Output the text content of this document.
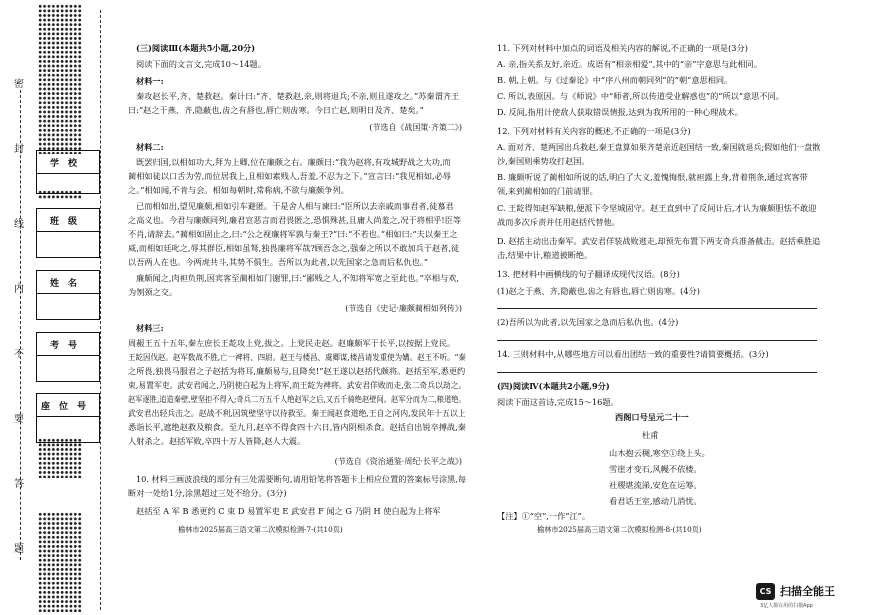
密
封
线
内
不
要
答
题
学校
班级
姓名
考号
座位号
(三)阅读Ⅲ(本题共5小题,20分)
阅读下面的文言文,完成10～14题。
材料一:
秦攻赵长平,齐、楚救赵。秦计曰:“齐、楚救赵,亲,则将退兵;不亲,则且遂攻之。”苏秦谓齐王
曰:“赵之于燕、齐,隐蔽也,齿之有唇也,唇亡则齿寒。今日亡赵,则明日及齐、楚矣。”
(节选自《战国策·齐策二》)
材料二:
既罢归国,以相如功大,拜为上卿,位在廉颇之右。廉颇曰:“我为赵将,有攻城野战之大功,而
蔺相如徒以口舌为劳,而位居我上,且相如素贱人,吾羞,不忍为之下。”宣言曰:“我见相如,必辱
之。”相如闻,不肯与会。相如每朝时,常称病,不欲与廉颇争列。
已而相如出,望见廉颇,相如引车避匿。于是舍人相与谏曰:“臣所以去亲戚而事君者,徒慕君
之高义也。今君与廉颇同列,廉君宣恶言而君畏匿之,恐惧殊甚,且庸人尚羞之,况于将相乎!臣等
不肖,请辞去。”蔺相如固止之,曰:“公之视廉将军孰与秦王?”曰:“不若也。”相如曰:“夫以秦王之
威,而相如廷叱之,辱其群臣,相如虽驽,独畏廉将军哉?顾吾念之,强秦之所以不敢加兵于赵者,徒
以吾两人在也。今两虎共斗,其势不俱生。吾所以为此者,以先国家之急而后私仇也。”
廉颇闻之,肉袒负荆,因宾客至蔺相如门谢罪,曰:“鄙贱之人,不知将军宽之至此也。”卒相与欢,
为刎颈之交。
(节选自《史记·廉颇蔺相如列传》)
材料三:
周赧王五十五年,秦左庶长王龁攻上党,拔之。上党民走赵。赵廉颇军于长平,以按据上党民。
王龁因伐赵。赵军数战不胜,亡一裨将、四尉。赵王与楼昌、虞卿谋,楼昌请发重使为媾。赵王不听。“秦
之所畏,独畏马服君之子赵括为将耳,廉颇易与,且降矣!”赵王遂以赵括代颇将。赵括至军,悉更约
束,易置军吏。武安君闻之,乃阴使白起为上将军,而王龁为裨将。武安君佯败而走,张二奇兵以劫之。
赵军逐胜,追造秦壁,壁坚拒不得入;奇兵二万五千人绝赵军之后,又五千骑绝赵壁间。赵军分而为二,粮道绝。
武安君出轻兵击之。赵战不利,因筑壁坚守以待救至。秦王闻赵食道绝,王自之河内,发民年十五以上
悉诣长平,遮绝赵救及粮食。至九月,赵卒不得食四十六日,皆内阴相杀食。赵括自出锐卒搏战,秦
人射杀之。赵括军败,卒四十万人皆降,赵人大震。
(节选自《资治通鉴·周纪·长平之战》)
10. 材料三画波浪线的部分有三处需要断句,请用铅笔将答题卡上相应位置的答案标号涂黑,每
断对一处给1分,涂黑超过三处不给分。(3分)
赵括至 A 军 B 悉更约 C 束 D 易置军吏 E 武安君 F 闻之 G 乃阴 H 使白起为上将军
榆林市2025届高三语文第二次模拟检测-7-(共10页)
11. 下列对材料中加点的词语及相关内容的解说,不正确的一项是(3分)
A. 亲,指关系友好,亲近。成语有“相亲相爱”,其中的“亲”字意思与此相同。
B. 朝,上朝。与《过秦论》中“序八州而朝同列”的“朝”意思相同。
C. 所以,表原因。与《师说》中“师者,所以传道受业解惑也”的“所以”意思不同。
D. 反间,指用计使敌人获取错误情报,达到为我所用的一种心理战术。
12. 下列对材料有关内容的概述,不正确的一项是(3分)
A. 面对齐、楚两国出兵救赵,秦王盘算如果齐楚亲近赵国结一致,秦国就退兵;假如他们一盘散
沙,秦国则乘势攻打赵国。
B. 廉颇听说了蔺相如所说的话,明白了大义,羞愧悔恨,就袒露上身,背着荆条,通过宾客带
领,来到蔺相如的门前请罪。
C. 王龁得知赵军缺粮,便派下令坚城固守。赵王直到中了反间计后,才认为廉颇胆怯不敢迎
战而多次斥责并任用赵括代替他。
D. 赵括主动出击秦军。武安君佯装战败逃走,却预先布置下两支奇兵准备截击。赵括乘胜追
击,结果中计,粮道被断绝。
13. 把材料中画横线的句子翻译成现代汉语。(8分)
(1)赵之于燕、齐,隐蔽也,齿之有唇也,唇亡则齿寒。(4分)
(2)吾所以为此者,以先国家之急而后私仇也。(4分)
14. 三则材料中,从哪些地方可以看出团结一致的重要性?请简要概括。(3分)
(四)阅读Ⅳ(本题共2小题,9分)
阅读下面这首诗,完成15～16题。
西阁口号呈元二十一
杜甫
山木抱云稠,寒空①绕上头。
雪崖才变石,风幔不依楼。
社稷堪流涕,安危在运筹。
看君话王室,感动几消忧。
【注】①“空”,一作“江”。
榆林市2025届高三语文第二次模拟检测-8-(共10页)
CS 扫描全能王
3亿人都在用的扫描App
